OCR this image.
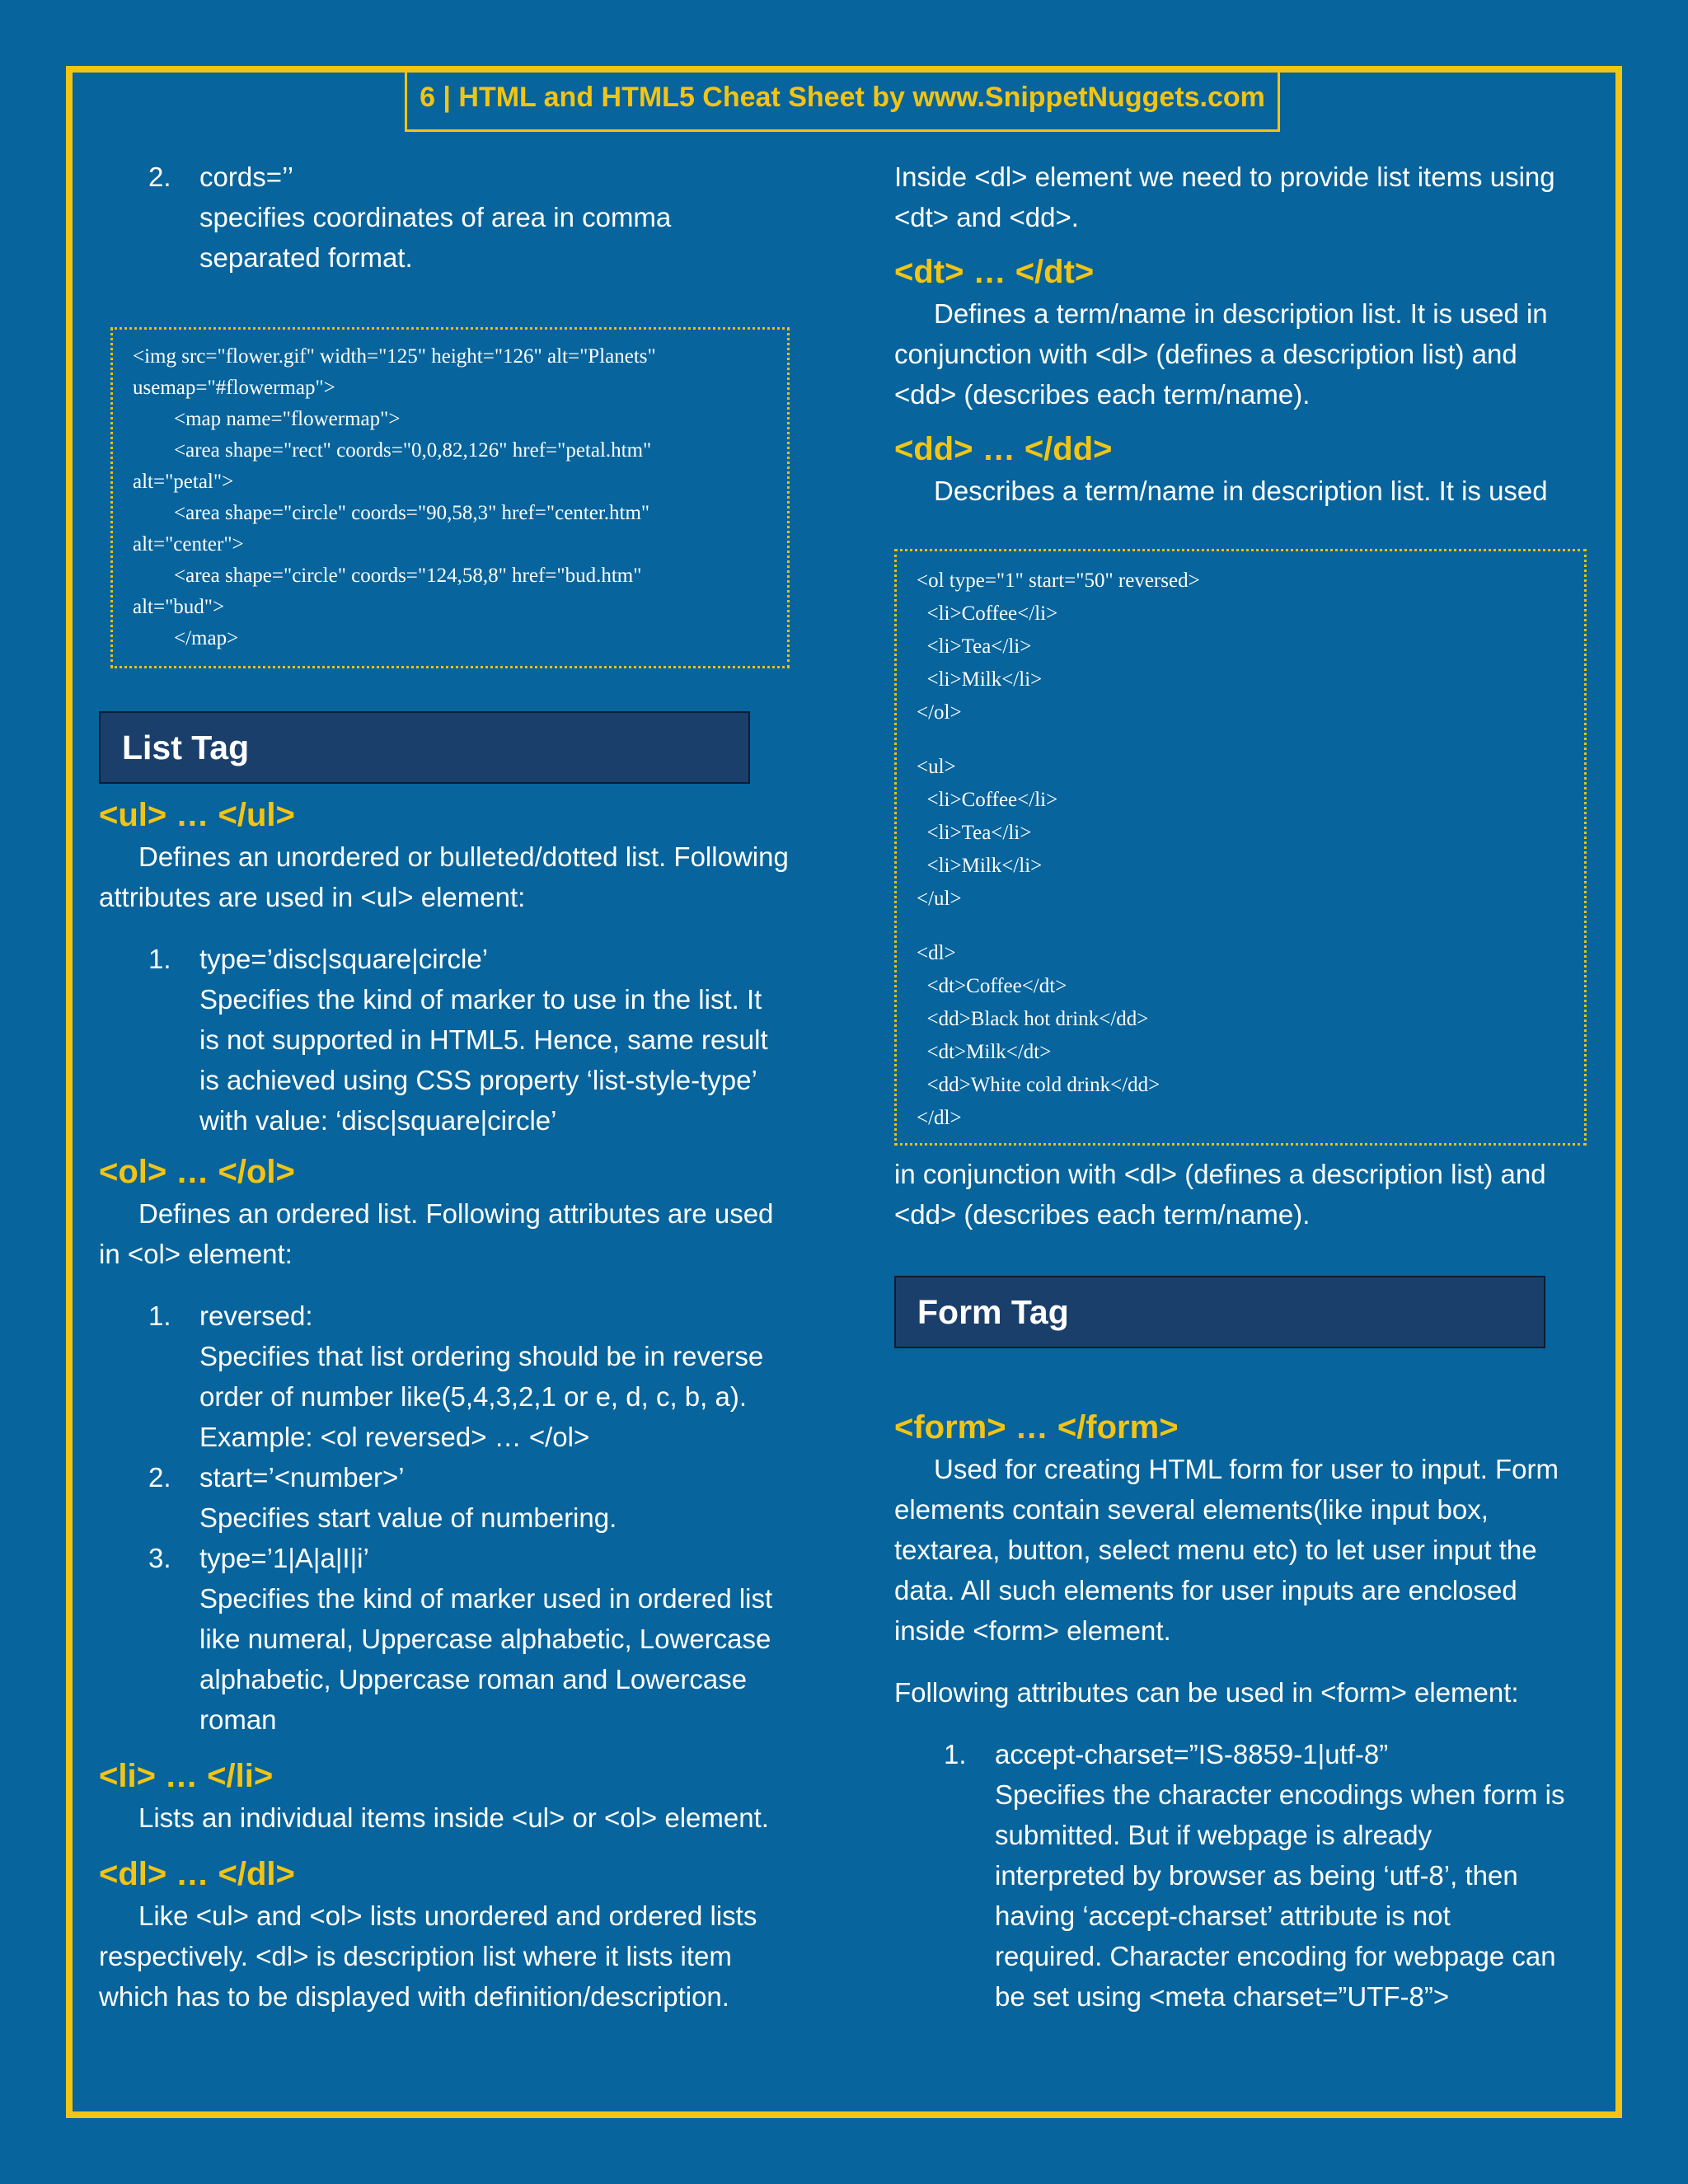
6 | HTML and HTML5 Cheat Sheet by www.SnippetNuggets.com
2.	cords=’’
specifies coordinates of area in comma
separated format.
<img src="flower.gif" width="125" height="126" alt="Planets"
usemap="#flowermap">
<map name="flowermap">
<area shape="rect" coords="0,0,82,126" href="petal.htm"
alt="petal">
<area shape="circle" coords="90,58,3" href="center.htm"
alt="center">
<area shape="circle" coords="124,58,8" href="bud.htm"
alt="bud">
</map>
List Tag
<ul> … </ul>
Defines an unordered or bulleted/dotted list. Following attributes are used in <ul> element:
1.	type=’disc|square|circle’
Specifies the kind of marker to use in the list. It
is not supported in HTML5. Hence, same result
is achieved using CSS property ‘list-style-type’
with value: ‘disc|square|circle’
<ol> … </ol>
Defines an ordered list. Following attributes are used in <ol> element:
1.	reversed:
Specifies that list ordering should be in reverse
order of number like(5,4,3,2,1 or e, d, c, b, a).
Example: <ol reversed> … </ol>
2.	start=’<number>’
Specifies start value of numbering.
3.	type=’1|A|a|I|i’
Specifies the kind of marker used in ordered list
like numeral, Uppercase alphabetic, Lowercase
alphabetic, Uppercase roman and Lowercase
roman
<li> … </li>
Lists an individual items inside <ul> or <ol> element.
<dl> … </dl>
Like <ul> and <ol> lists unordered and ordered lists respectively. <dl> is description list where it lists item which has to be displayed with definition/description.
Inside <dl> element we need to provide list items using <dt> and <dd>.
<dt> … </dt>
Defines a term/name in description list. It is used in conjunction with <dl> (defines a description list) and <dd> (describes each term/name).
<dd> … </dd>
Describes a term/name in description list. It is used
<ol type="1" start="50" reversed>
<li>Coffee</li>
<li>Tea</li>
<li>Milk</li>
</ol>
<ul>
<li>Coffee</li>
<li>Tea</li>
<li>Milk</li>
</ul>
<dl>
<dt>Coffee</dt>
<dd>Black hot drink</dd>
<dt>Milk</dt>
<dd>White cold drink</dd>
</dl>
in conjunction with <dl> (defines a description list) and <dd> (describes each term/name).
Form Tag
<form> … </form>
Used for creating HTML form for user to input. Form elements contain several elements(like input box, textarea, button, select menu etc) to let user input the data. All such elements for user inputs are enclosed inside <form> element.
Following attributes can be used in <form> element:
1.	accept-charset=”IS-8859-1|utf-8”
Specifies the character encodings when form is
submitted. But if webpage is already
interpreted by browser as being ‘utf-8’, then
having ‘accept-charset’ attribute is not
required. Character encoding for webpage can
be set using <meta charset=”UTF-8”>
